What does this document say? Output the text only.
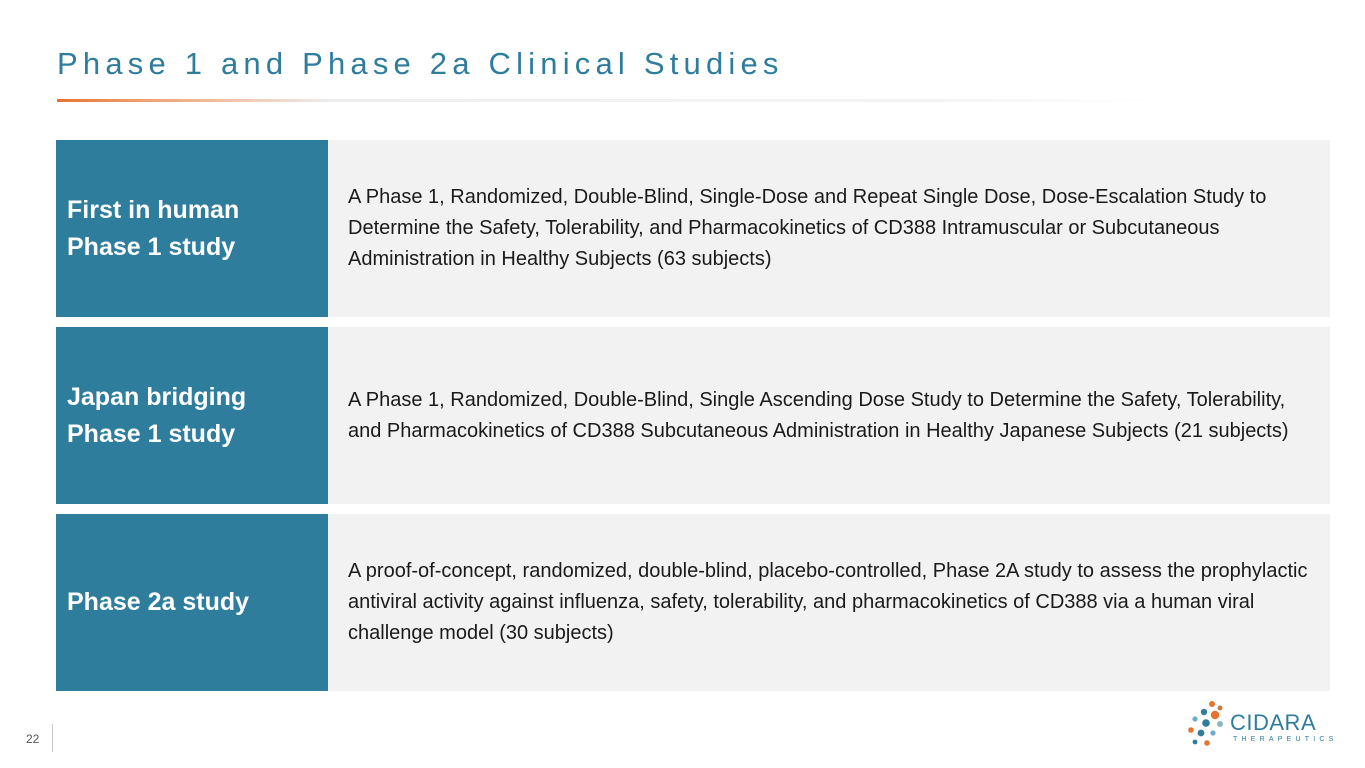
Phase 1 and Phase 2a Clinical Studies
First in human
Phase 1 study
A Phase 1, Randomized, Double-Blind, Single-Dose and Repeat Single Dose, Dose-Escalation Study to Determine the Safety, Tolerability, and Pharmacokinetics of CD388 Intramuscular or Subcutaneous Administration in Healthy Subjects (63 subjects)
Japan bridging
Phase 1 study
A Phase 1, Randomized, Double-Blind, Single Ascending Dose Study to Determine the Safety, Tolerability, and Pharmacokinetics of CD388 Subcutaneous Administration in Healthy Japanese Subjects (21 subjects)
Phase 2a study
A proof-of-concept, randomized, double-blind, placebo-controlled, Phase 2A study to assess the prophylactic antiviral activity against influenza, safety, tolerability, and pharmacokinetics of CD388 via a human viral challenge model (30 subjects)
22
CIDARA
THERAPEUTICS
